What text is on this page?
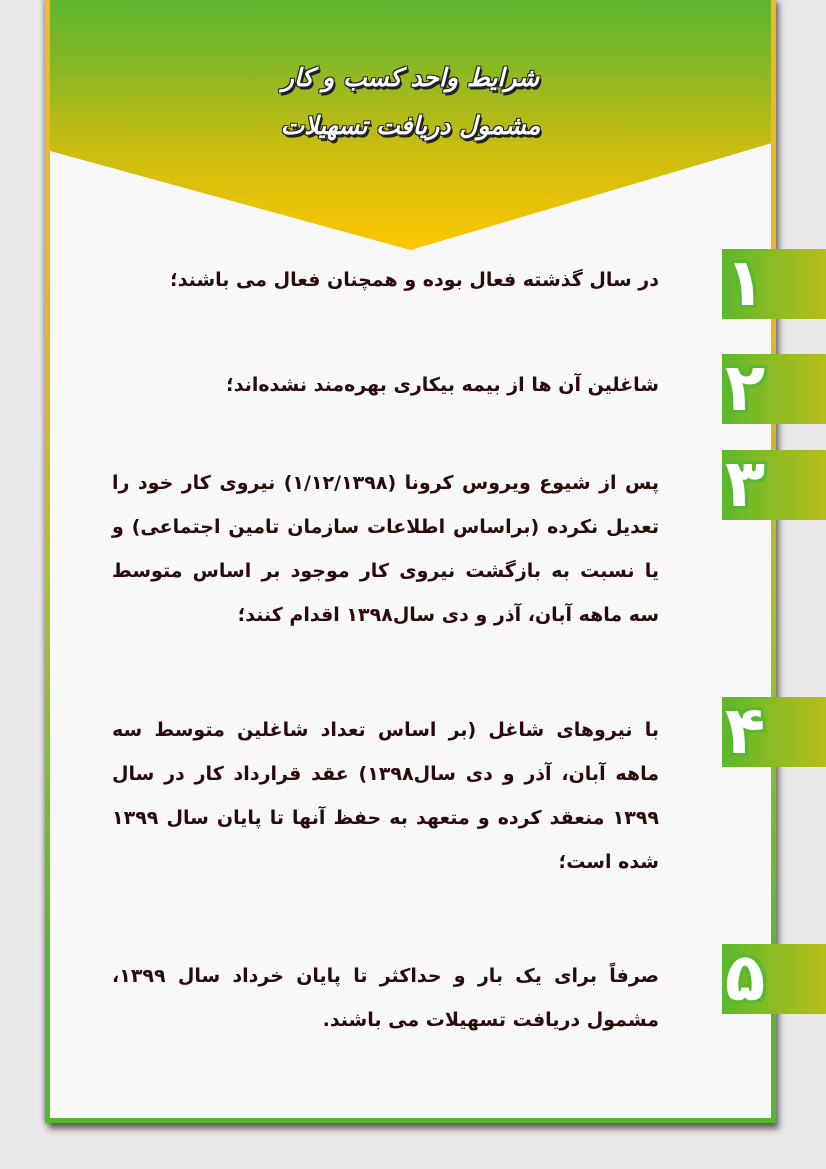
شرایط واحد کسب و کار
مشمول دریافت تسهیلات

در سال گذشته فعال بوده و همچنان فعال می باشند؛

شاغلین آن ها از بیمه بیکاری بهره‌مند نشده‌اند؛

پس از شیوع ویروس کرونا (۱/۱۲/۱۳۹۸) نیروی کار خود را تعدیل نکرده (براساس اطلاعات سازمان تامین اجتماعی) و یا نسبت به بازگشت نیروی کار موجود بر اساس متوسط سه ماهه آبان، آذر و دی سال۱۳۹۸ اقدام کنند؛

با نیروهای شاغل (بر اساس تعداد شاغلین متوسط سه ماهه آبان، آذر و دی سال۱۳۹۸) عقد قرارداد کار در سال ۱۳۹۹ منعقد کرده و متعهد به حفظ آنها تا پایان سال ۱۳۹۹ شده است؛

صرفاً برای یک بار و حداکثر تا پایان خرداد سال ۱۳۹۹، مشمول دریافت تسهیلات می باشند.

۱
۲
۳
۴
۵
